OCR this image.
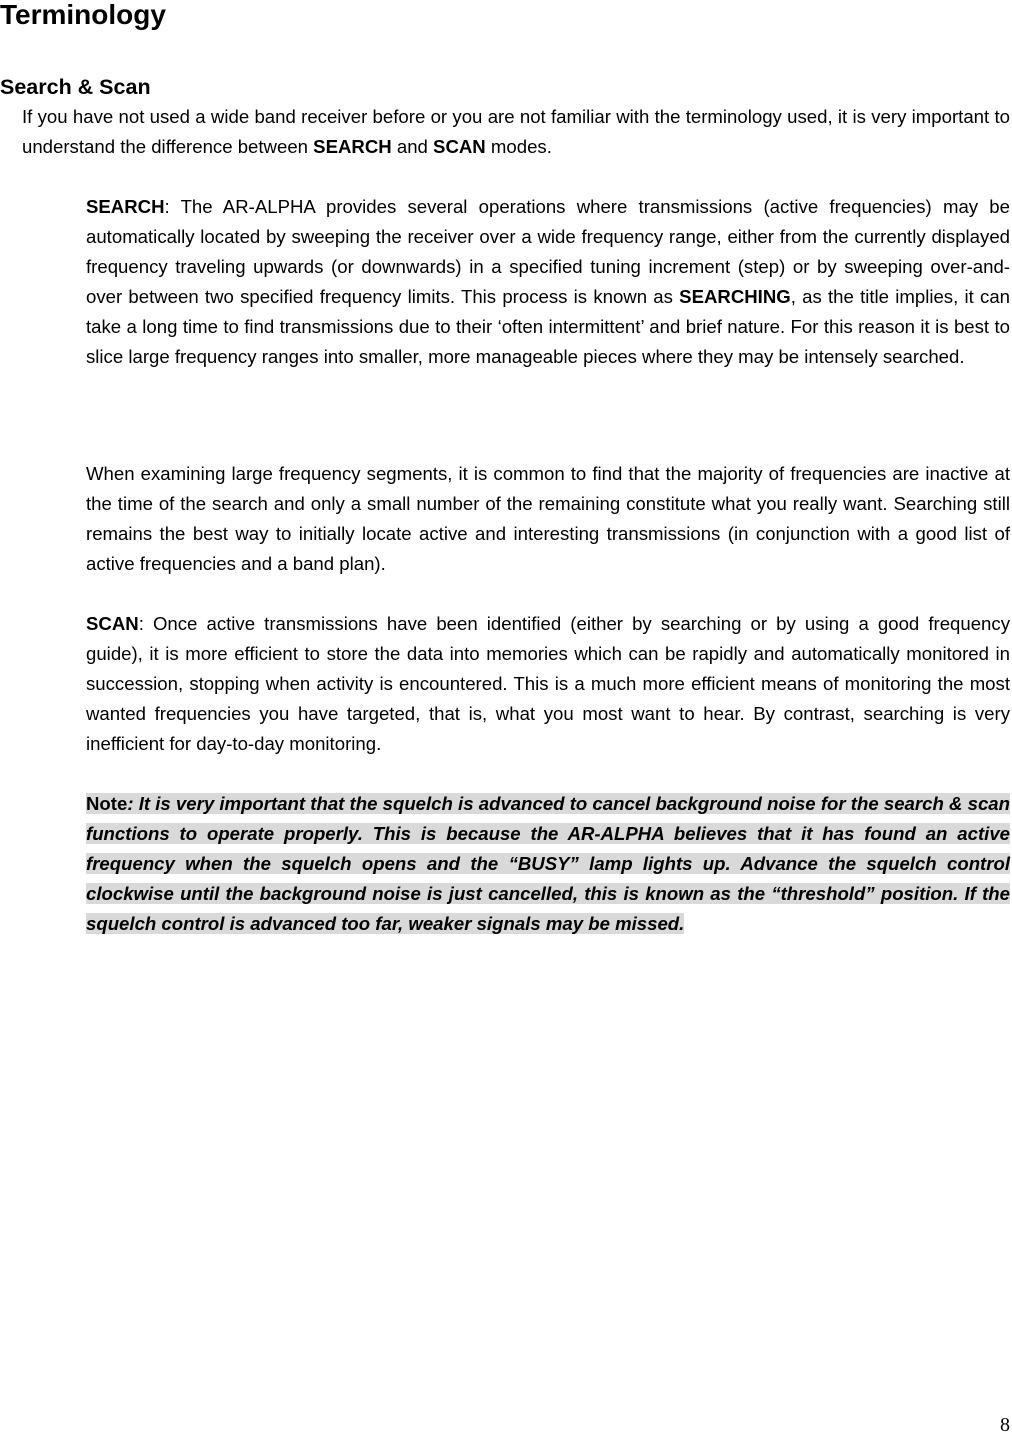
Terminology
Search & Scan

If you have not used a wide band receiver before or you are not familiar with the terminology used, it is very important to understand the difference between SEARCH and SCAN modes.

SEARCH: The AR-ALPHA provides several operations where transmissions (active frequencies) may be automatically located by sweeping the receiver over a wide frequency range, either from the currently displayed frequency traveling upwards (or downwards) in a specified tuning increment (step) or by sweeping over-and-over between two specified frequency limits. This process is known as SEARCHING, as the title implies, it can take a long time to find transmissions due to their ‘often intermittent’ and brief nature. For this reason it is best to slice large frequency ranges into smaller, more manageable pieces where they may be intensely searched.

When examining large frequency segments, it is common to find that the majority of frequencies are inactive at the time of the search and only a small number of the remaining constitute what you really want. Searching still remains the best way to initially locate active and interesting transmissions (in conjunction with a good list of active frequencies and a band plan).

SCAN: Once active transmissions have been identified (either by searching or by using a good frequency guide), it is more efficient to store the data into memories which can be rapidly and automatically monitored in succession, stopping when activity is encountered. This is a much more efficient means of monitoring the most wanted frequencies you have targeted, that is, what you most want to hear. By contrast, searching is very inefficient for day-to-day monitoring.

Note: It is very important that the squelch is advanced to cancel background noise for the search & scan functions to operate properly. This is because the AR-ALPHA believes that it has found an active frequency when the squelch opens and the “BUSY” lamp lights up. Advance the squelch control clockwise until the background noise is just cancelled, this is known as the “threshold” position. If the squelch control is advanced too far, weaker signals may be missed.

8
